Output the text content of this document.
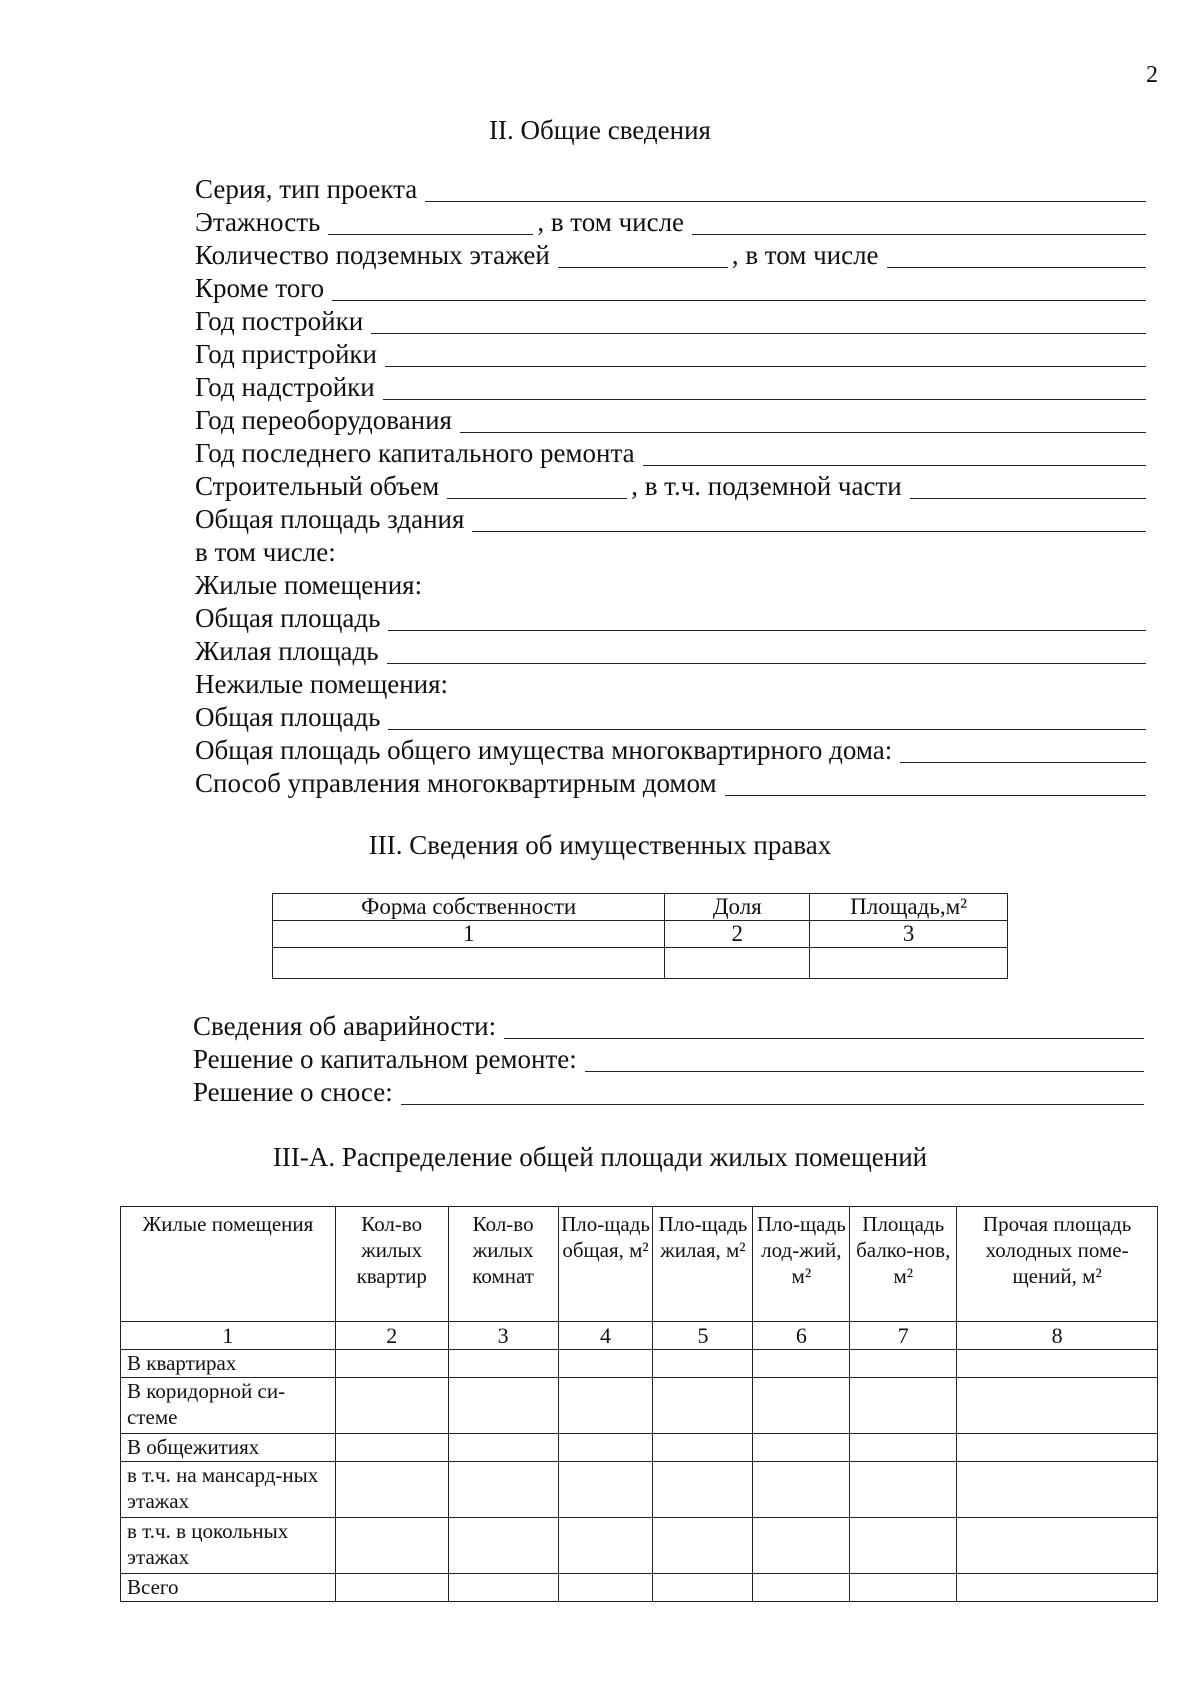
2
II. Общие сведения
Серия, тип проекта
Этажность	, в том числе
Количество подземных этажей	, в том числе
Кроме того
Год постройки
Год пристройки
Год надстройки
Год переоборудования
Год последнего капитального ремонта
Строительный объем	, в т.ч. подземной части
Общая площадь здания
в том числе:
Жилые помещения:
Общая площадь
Жилая площадь
Нежилые помещения:
Общая площадь
Общая площадь общего имущества многоквартирного дома:
Способ управления многоквартирным домом
III. Сведения об имущественных правах
Форма собственности	Доля	Площадь,м²
1	2	3

Сведения об аварийности:
Решение о капитальном ремонте:
Решение о сносе:
III-А. Распределение общей площади жилых помещений
Жилые помещения	Кол-во жилых квартир	Кол-во жилых комнат	Пло-щадь общая, м²	Пло-щадь жилая, м²	Пло-щадь лод-жий, м²	Площадь балко-нов, м²	Прочая площадь холодных поме-щений, м²
1	2	3	4	5	6	7	8
В квартирах							
В коридорной си-стеме							
В общежитиях							
в т.ч. на мансард-ных этажах							
в т.ч. в цокольных этажах							
Всего							
